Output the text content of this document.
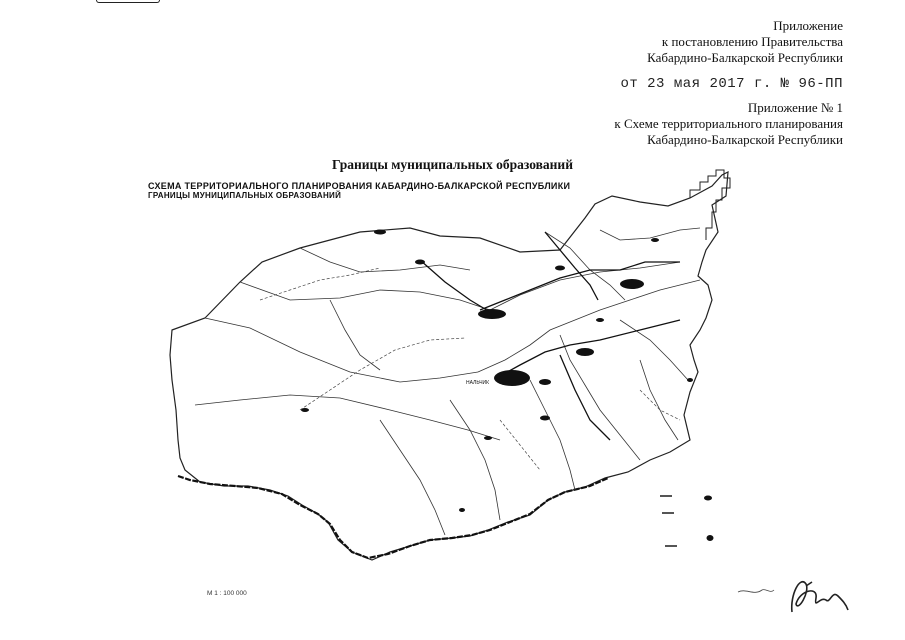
Приложение
к постановлению Правительства
Кабардино-Балкарской Республики
от 23 мая 2017 г. № 96-ПП
Приложение № 1
к Схеме территориального планирования
Кабардино-Балкарской Республики
Границы муниципальных образований
СХЕМА ТЕРРИТОРИАЛЬНОГО ПЛАНИРОВАНИЯ КАБАРДИНО-БАЛКАРСКОЙ РЕСПУБЛИКИ
ГРАНИЦЫ МУНИЦИПАЛЬНЫХ ОБРАЗОВАНИЙ
НАЛЬЧИК
М 1 : 100 000
